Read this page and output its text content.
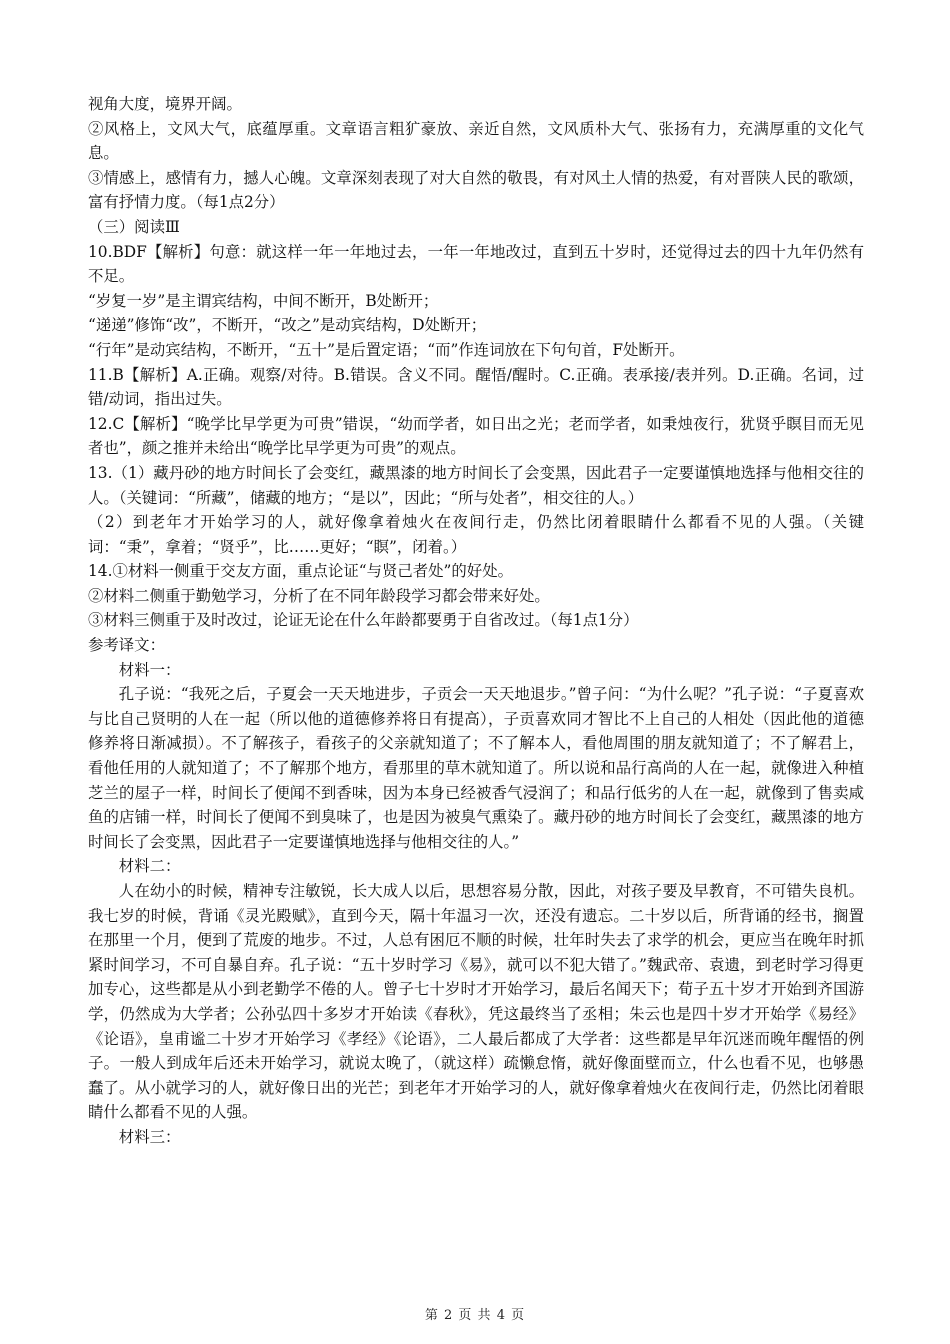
视角大度，境界开阔。

②风格上，文风大气，底蕴厚重。文章语言粗犷豪放、亲近自然，文风质朴大气、张扬有力，充满厚重的文化气息。

③情感上，感情有力，撼人心魄。文章深刻表现了对大自然的敬畏，有对风土人情的热爱，有对晋陕人民的歌颂，富有抒情力度。（每1点2分）

（三）阅读Ⅲ

10.BDF【解析】句意：就这样一年一年地过去，一年一年地改过，直到五十岁时，还觉得过去的四十九年仍然有不足。

“岁复一岁”是主谓宾结构，中间不断开，B处断开；

“递递”修饰“改”，不断开，“改之”是动宾结构，D处断开；

“行年”是动宾结构，不断开，“五十”是后置定语；“而”作连词放在下句句首，F处断开。

11.B【解析】A.正确。观察/对待。B.错误。含义不同。醒悟/醒时。C.正确。表承接/表并列。D.正确。名词，过错/动词，指出过失。

12.C【解析】“晚学比早学更为可贵”错误，“幼而学者，如日出之光；老而学者，如秉烛夜行，犹贤乎瞑目而无见者也”，颜之推并未给出“晚学比早学更为可贵”的观点。

13.（1）藏丹砂的地方时间长了会变红，藏黑漆的地方时间长了会变黑，因此君子一定要谨慎地选择与他相交往的人。（关键词：“所藏”，储藏的地方；“是以”，因此；“所与处者”，相交往的人。）

（2）到老年才开始学习的人，就好像拿着烛火在夜间行走，仍然比闭着眼睛什么都看不见的人强。（关键词：“秉”，拿着；“贤乎”，比……更好；“瞑”，闭着。）

14.①材料一侧重于交友方面，重点论证“与贤己者处”的好处。

②材料二侧重于勤勉学习，分析了在不同年龄段学习都会带来好处。

③材料三侧重于及时改过，论证无论在什么年龄都要勇于自省改过。（每1点1分）

参考译文：

材料一：

孔子说：“我死之后，子夏会一天天地进步，子贡会一天天地退步。”曾子问：“为什么呢？”孔子说：“子夏喜欢与比自己贤明的人在一起（所以他的道德修养将日有提高），子贡喜欢同才智比不上自己的人相处（因此他的道德修养将日渐减损）。不了解孩子，看孩子的父亲就知道了；不了解本人，看他周围的朋友就知道了；不了解君上，看他任用的人就知道了；不了解那个地方，看那里的草木就知道了。所以说和品行高尚的人在一起，就像进入种植芝兰的屋子一样，时间长了便闻不到香味，因为本身已经被香气浸润了；和品行低劣的人在一起，就像到了售卖咸鱼的店铺一样，时间长了便闻不到臭味了，也是因为被臭气熏染了。藏丹砂的地方时间长了会变红，藏黑漆的地方时间长了会变黑，因此君子一定要谨慎地选择与他相交往的人。”

材料二：

人在幼小的时候，精神专注敏锐，长大成人以后，思想容易分散，因此，对孩子要及早教育，不可错失良机。我七岁的时候，背诵《灵光殿赋》，直到今天，隔十年温习一次，还没有遗忘。二十岁以后，所背诵的经书，搁置在那里一个月，便到了荒废的地步。不过，人总有困厄不顺的时候，壮年时失去了求学的机会，更应当在晚年时抓紧时间学习，不可自暴自弃。孔子说：“五十岁时学习《易》，就可以不犯大错了。”魏武帝、袁遗，到老时学习得更加专心，这些都是从小到老勤学不倦的人。曾子七十岁时才开始学习，最后名闻天下；荀子五十岁才开始到齐国游学，仍然成为大学者；公孙弘四十多岁才开始读《春秋》，凭这最终当了丞相；朱云也是四十岁才开始学《易经》《论语》，皇甫谧二十岁才开始学习《孝经》《论语》，二人最后都成了大学者：这些都是早年沉迷而晚年醒悟的例子。一般人到成年后还未开始学习，就说太晚了，（就这样）疏懒怠惰，就好像面壁而立，什么也看不见，也够愚蠢了。从小就学习的人，就好像日出的光芒；到老年才开始学习的人，就好像拿着烛火在夜间行走，仍然比闭着眼睛什么都看不见的人强。

材料三：

第 2 页 共 4 页
